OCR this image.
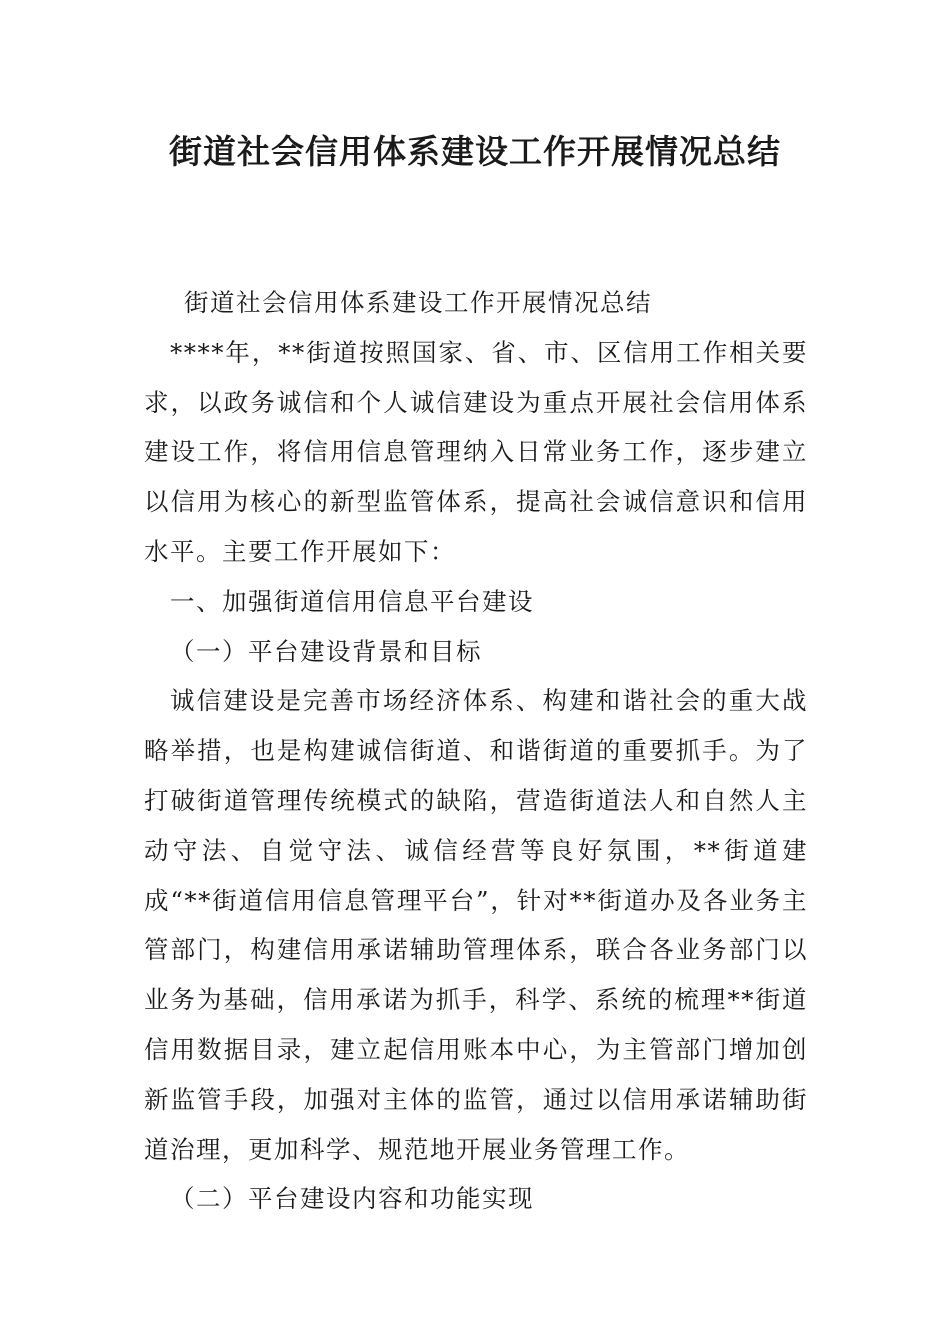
街道社会信用体系建设工作开展情况总结

街道社会信用体系建设工作开展情况总结

****年，**街道按照国家、省、市、区信用工作相关要求，以政务诚信和个人诚信建设为重点开展社会信用体系建设工作，将信用信息管理纳入日常业务工作，逐步建立以信用为核心的新型监管体系，提高社会诚信意识和信用水平。主要工作开展如下：

一、加强街道信用信息平台建设

（一）平台建设背景和目标

诚信建设是完善市场经济体系、构建和谐社会的重大战略举措，也是构建诚信街道、和谐街道的重要抓手。为了打破街道管理传统模式的缺陷，营造街道法人和自然人主动守法、自觉守法、诚信经营等良好氛围，**街道建成“**街道信用信息管理平台”，针对**街道办及各业务主管部门，构建信用承诺辅助管理体系，联合各业务部门以业务为基础，信用承诺为抓手，科学、系统的梳理**街道信用数据目录，建立起信用账本中心，为主管部门增加创新监管手段，加强对主体的监管，通过以信用承诺辅助街道治理，更加科学、规范地开展业务管理工作。

（二）平台建设内容和功能实现
